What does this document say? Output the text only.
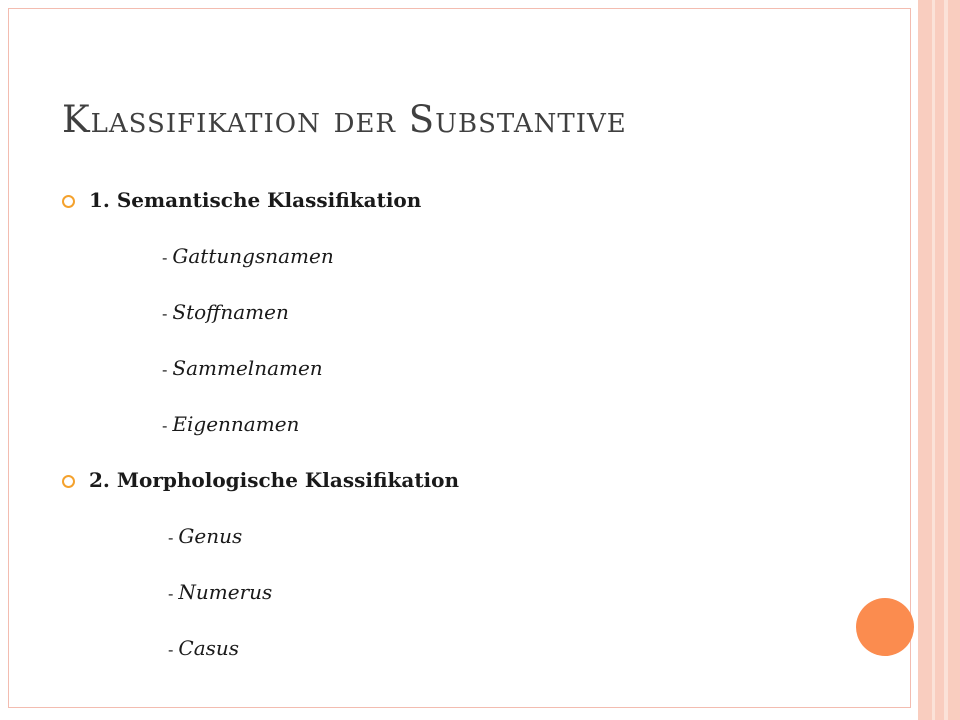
Klassifikation der Substantive
1. Semantische Klassifikation
- Gattungsnamen
- Stoffnamen
- Sammelnamen
- Eigennamen
2. Morphologische Klassifikation
- Genus
- Numerus
- Casus
